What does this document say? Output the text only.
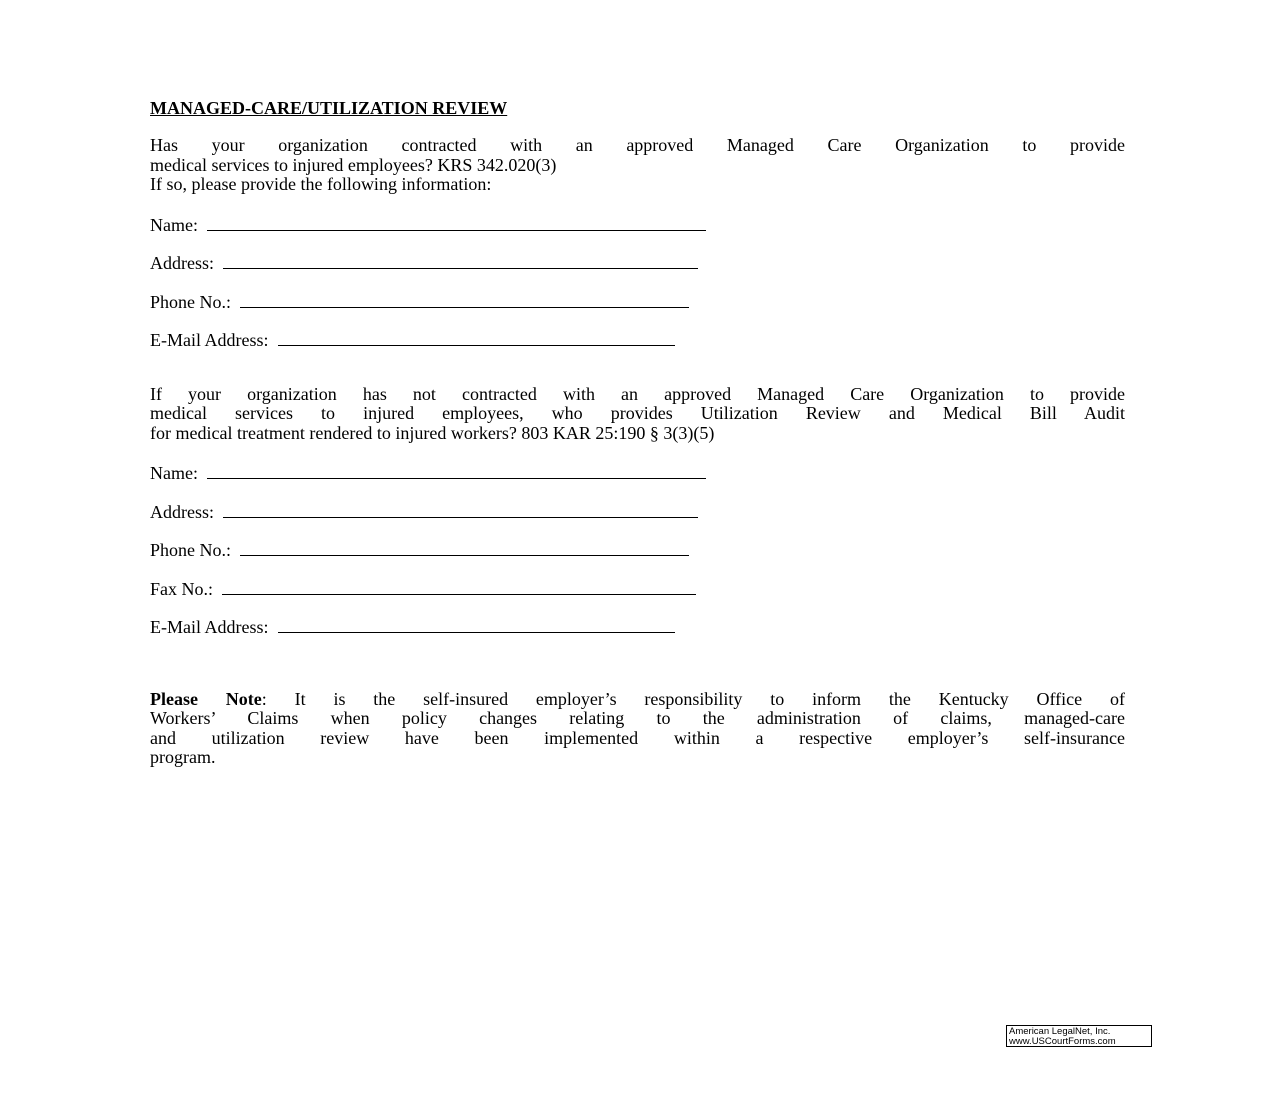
MANAGED-CARE/UTILIZATION REVIEW

Has your organization contracted with an approved Managed Care Organization to provide
medical services to injured employees? KRS 342.020(3)
If so, please provide the following information:

Name:
Address:
Phone No.:
E-Mail Address:

If your organization has not contracted with an approved Managed Care Organization to provide
medical services to injured employees, who provides Utilization Review and Medical Bill Audit
for medical treatment rendered to injured workers? 803 KAR 25:190 § 3(3)(5)

Name:
Address:
Phone No.:
Fax No.:
E-Mail Address:

Please Note: It is the self-insured employer’s responsibility to inform the Kentucky Office of
Workers’ Claims when policy changes relating to the administration of claims, managed-care
and utilization review have been implemented within a respective employer’s self-insurance
program.

American LegalNet, Inc.
www.USCourtForms.com
